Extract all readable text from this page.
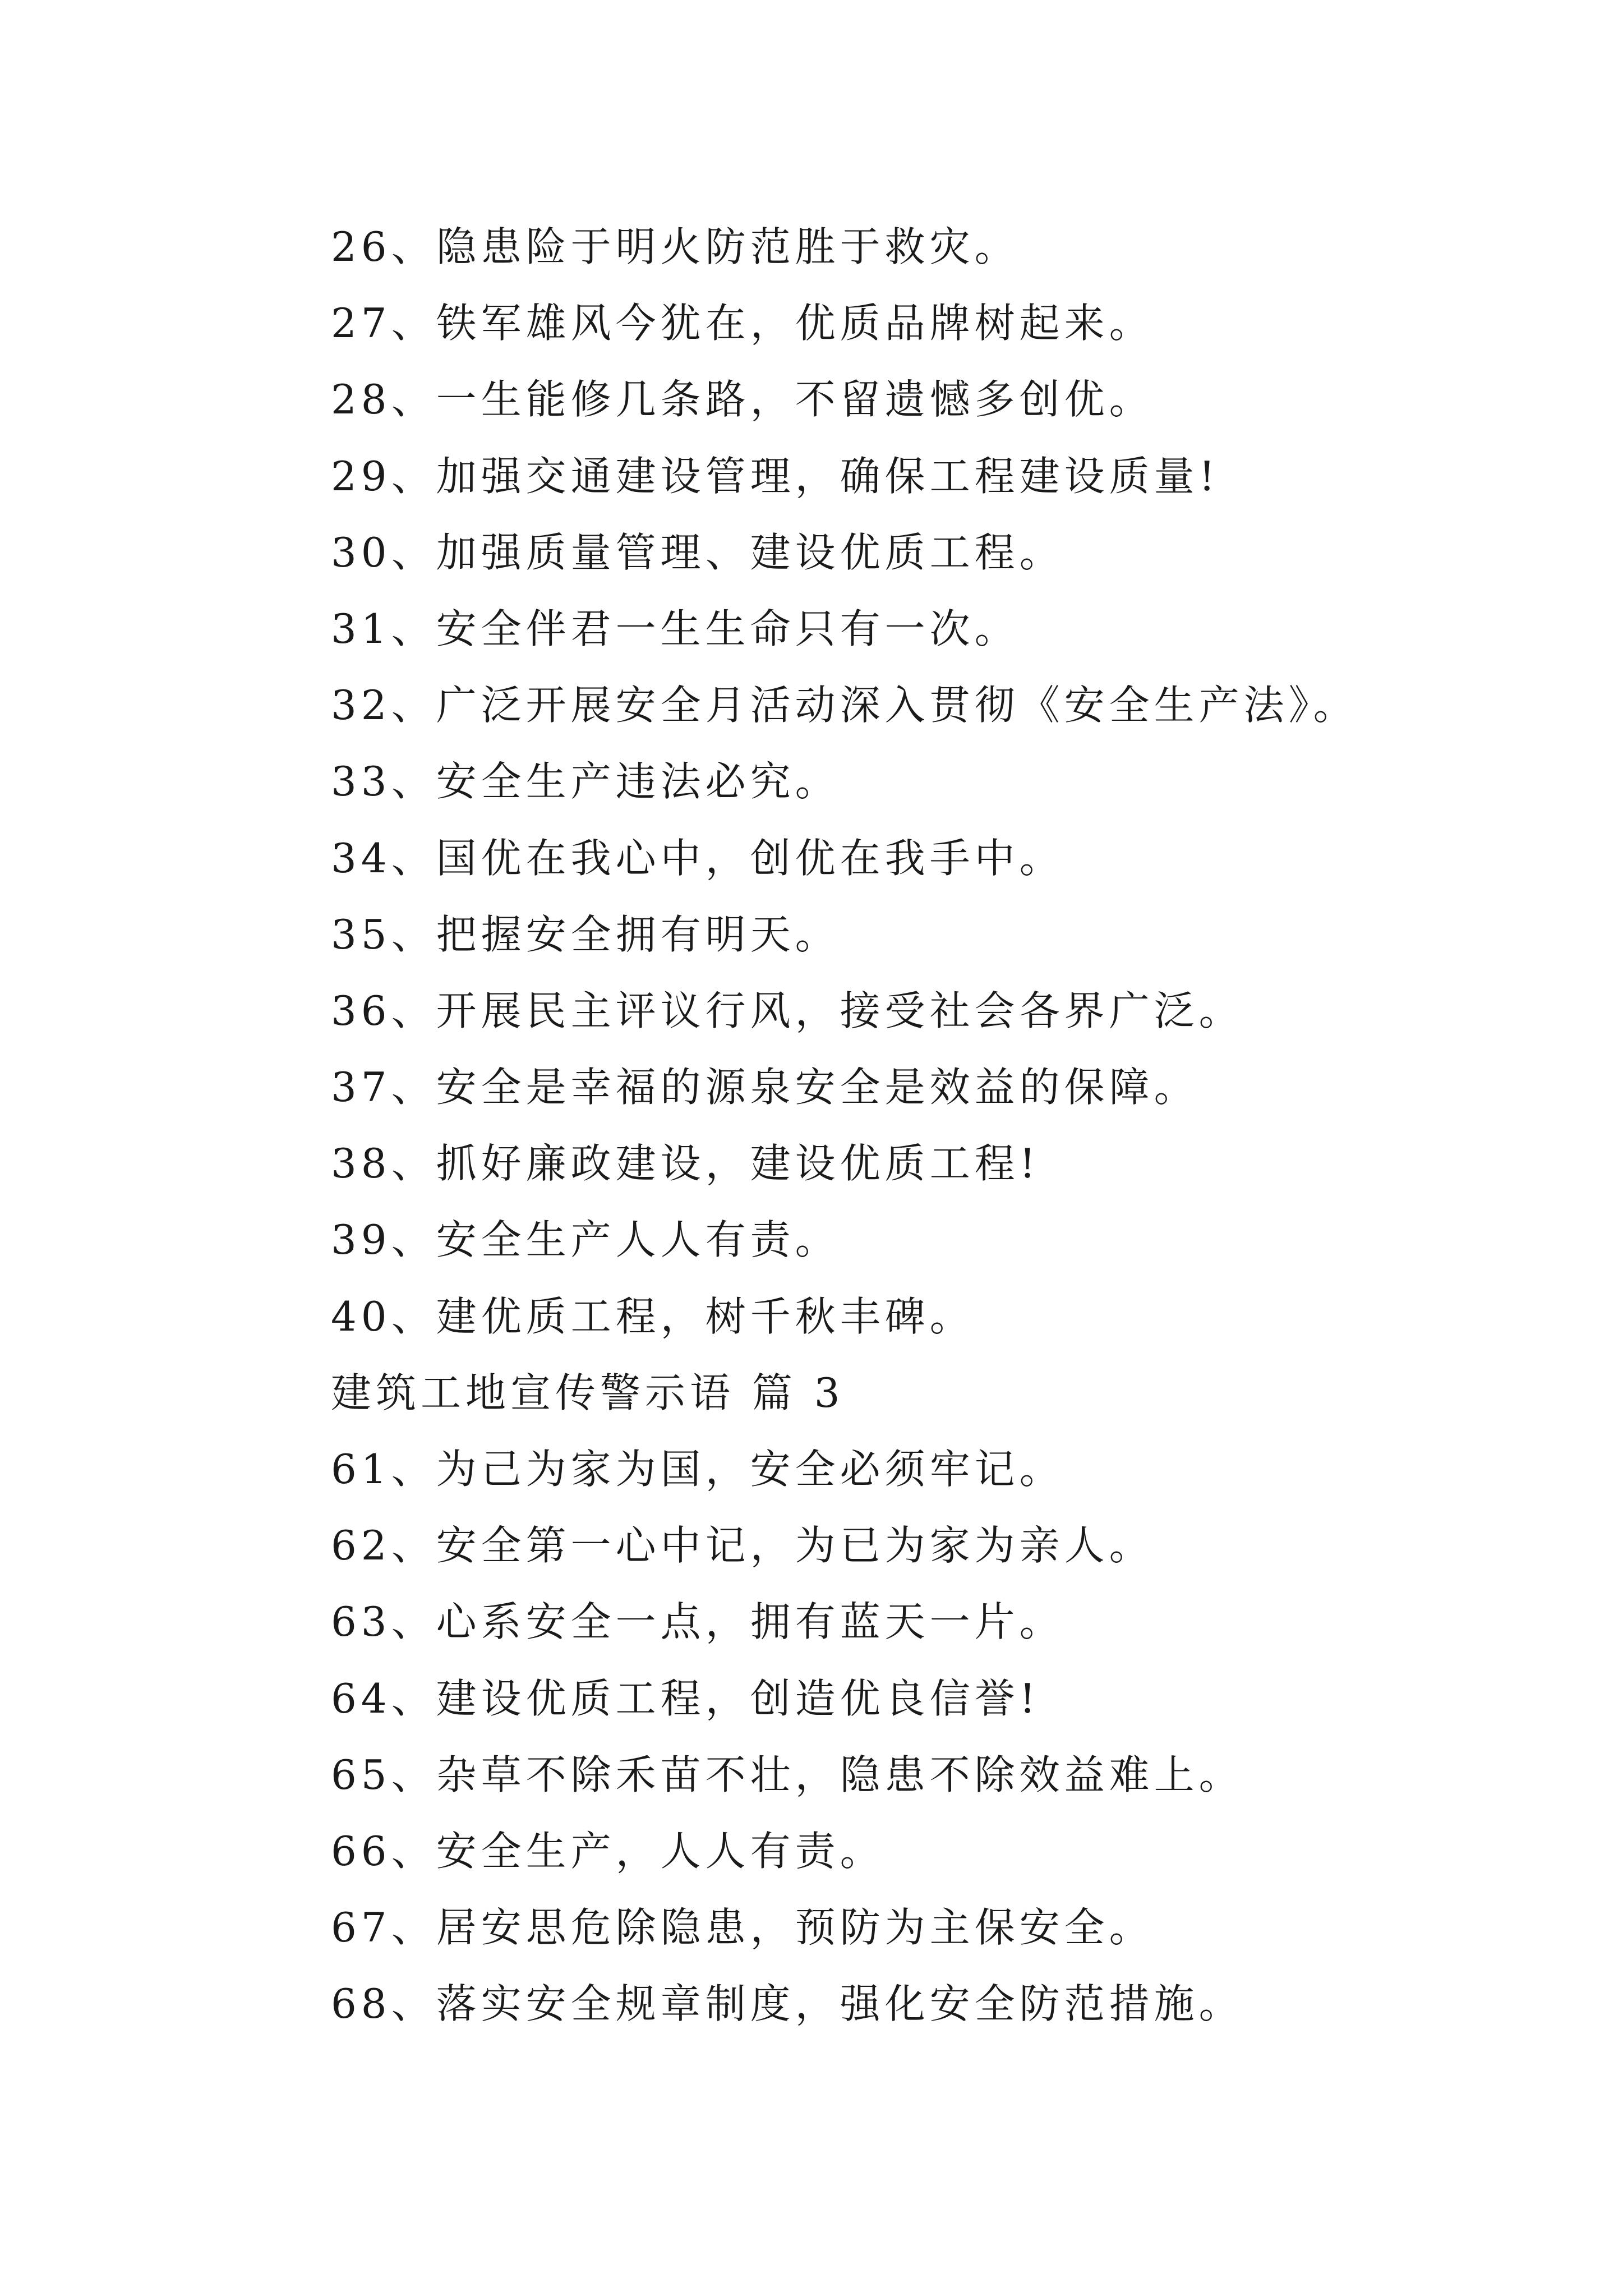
26、隐患险于明火防范胜于救灾。
27、铁军雄风今犹在，优质品牌树起来。
28、一生能修几条路，不留遗憾多创优。
29、加强交通建设管理，确保工程建设质量!
30、加强质量管理、建设优质工程。
31、安全伴君一生生命只有一次。
32、广泛开展安全月活动深入贯彻《安全生产法》。
33、安全生产违法必究。
34、国优在我心中，创优在我手中。
35、把握安全拥有明天。
36、开展民主评议行风，接受社会各界广泛。
37、安全是幸福的源泉安全是效益的保障。
38、抓好廉政建设，建设优质工程!
39、安全生产人人有责。
40、建优质工程，树千秋丰碑。
建筑工地宣传警示语 篇 3
61、为己为家为国，安全必须牢记。
62、安全第一心中记，为已为家为亲人。
63、心系安全一点，拥有蓝天一片。
64、建设优质工程，创造优良信誉!
65、杂草不除禾苗不壮，隐患不除效益难上。
66、安全生产，人人有责。
67、居安思危除隐患，预防为主保安全。
68、落实安全规章制度，强化安全防范措施。
